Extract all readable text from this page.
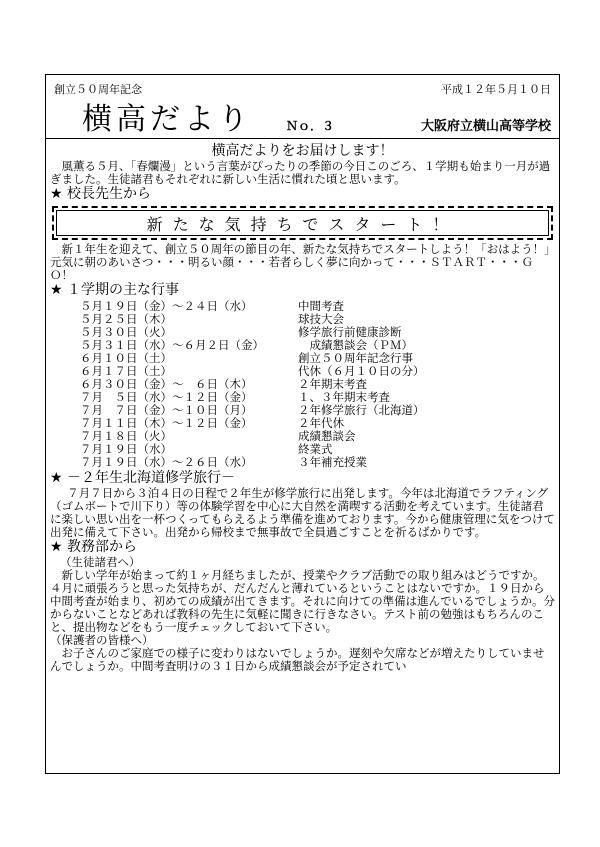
創立５０周年記念	平成１２年５月１０日
横高だより	Ｎｏ．３	大阪府立横山高等学校

横高だよりをお届けします！

風薫る５月、「春爛漫」という言葉がぴったりの季節の今日このごろ、１学期も始まり一月が過ぎました。生徒諸君もそれぞれに新しい生活に慣れた頃と思います。

★ 校長先生から

新たな気持ちでスタート！

新１年生を迎えて、創立５０周年の節目の年、新たな気持ちでスタートしよう！「おはよう！」元気に朝のあいさつ・・・明るい顔・・・若者らしく夢に向かって・・・ＳＴＡＲＴ・・・ＧＯ！

★ １学期の主な行事

５月１９日（金）～２４日（水）	中間考査
５月２５日（木）	球技大会
５月３０日（火）	修学旅行前健康診断
５月３１日（水）～６月２日（金）	　成績懇談会（ＰＭ）
６月１０日（土）	創立５０周年記念行事
６月１７日（土）	代休（６月１０日の分）
６月３０日（金）～　６日（木）	２年期末考査
７月　５日（水）～１２日（金）	１、３年期末考査
７月　７日（金）～１０日（月）	２年修学旅行（北海道）
７月１１日（木）～１２日（金）	２年代休
７月１８日（火）	成績懇談会
７月１９日（水）	終業式
７月１９日（水）～２６日（水）	３年補充授業

★ －２年生北海道修学旅行－

７月７日から３泊４日の日程で２年生が修学旅行に出発します。今年は北海道でラフティング（ゴムボートで川下り）等の体験学習を中心に大自然を満喫する活動を考えています。生徒諸君に楽しい思い出を一杯つくってもらえるよう準備を進めております。今から健康管理に気をつけて出発に備えて下さい。出発から帰校まで無事故で全員過ごすことを祈るばかりです。

★ 教務部から

（生徒諸君へ）

新しい学年が始まって約１ヶ月経ちましたが、授業やクラブ活動での取り組みはどうですか。４月に頑張ろうと思った気持ちが、だんだんと薄れているということはないですか。１９日から中間考査が始まり、初めての成績が出てきます。それに向けての準備は進んでいるでしょうか。分からないことなどあれば教科の先生に気軽に聞きに行きなさい。テスト前の勉強はもちろんのこと、提出物などをもう一度チェックしておいて下さい。

（保護者の皆様へ）

お子さんのご家庭での様子に変わりはないでしょうか。遅刻や欠席などが増えたりしていませんでしょうか。中間考査明けの３１日から成績懇談会が予定されてい
